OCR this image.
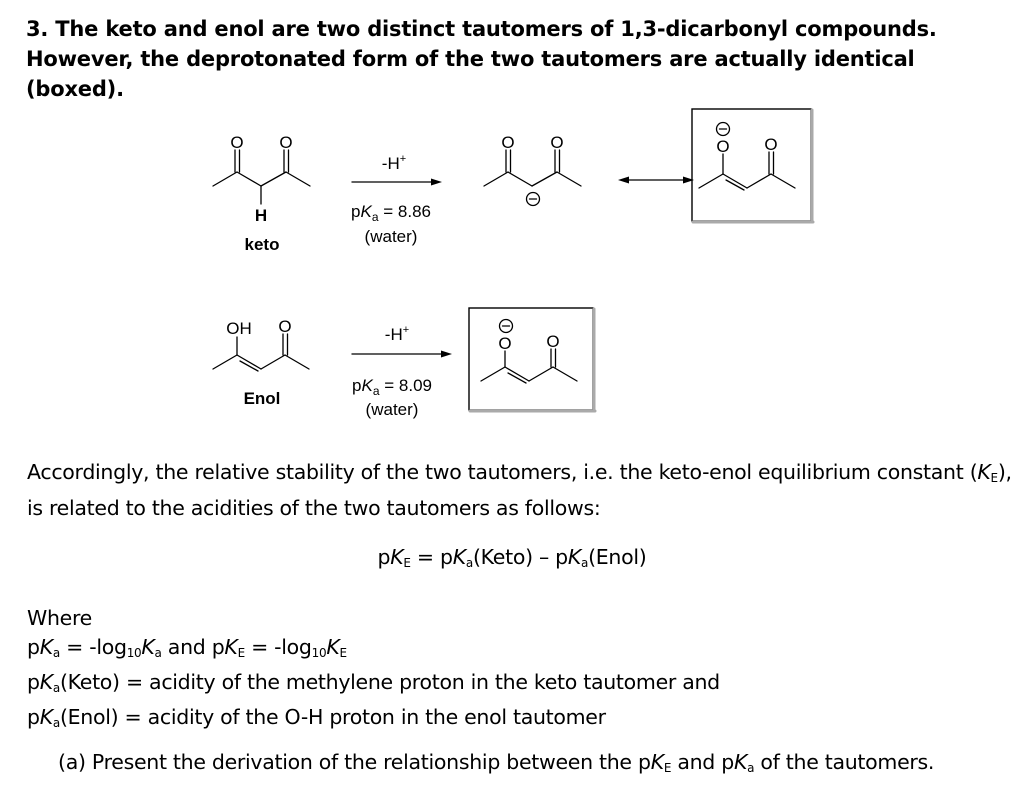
3. The keto and enol are two distinct tautomers of 1,3-dicarbonyl compounds. However, the deprotonated form of the two tautomers are actually identical (boxed).
O O
H
O O	O O
OH O
O O
-H+
$pK_a = 8.86$
(water)
keto
-H+
$pK_a = 8.09$
(water)
Enol
Accordingly, the relative stability of the two tautomers, i.e. the keto-enol equilibrium constant $(K_E)$, is related to the acidities of the two tautomers as follows:
$pK_E$ = $pK_a(Keto)$ – $pK_a(Enol)$
Where
$pK_a = -\log_{10}K_a$ and $pK_E = -\log_{10}K_E$
$pK_a(Keto)$ = acidity of the methylene proton in the keto tautomer and
$pK_a(Enol)$ = acidity of the O-H proton in the enol tautomer
(a) Present the derivation of the relationship between the $pK_E$ and $pK_a$ of the tautomers.
